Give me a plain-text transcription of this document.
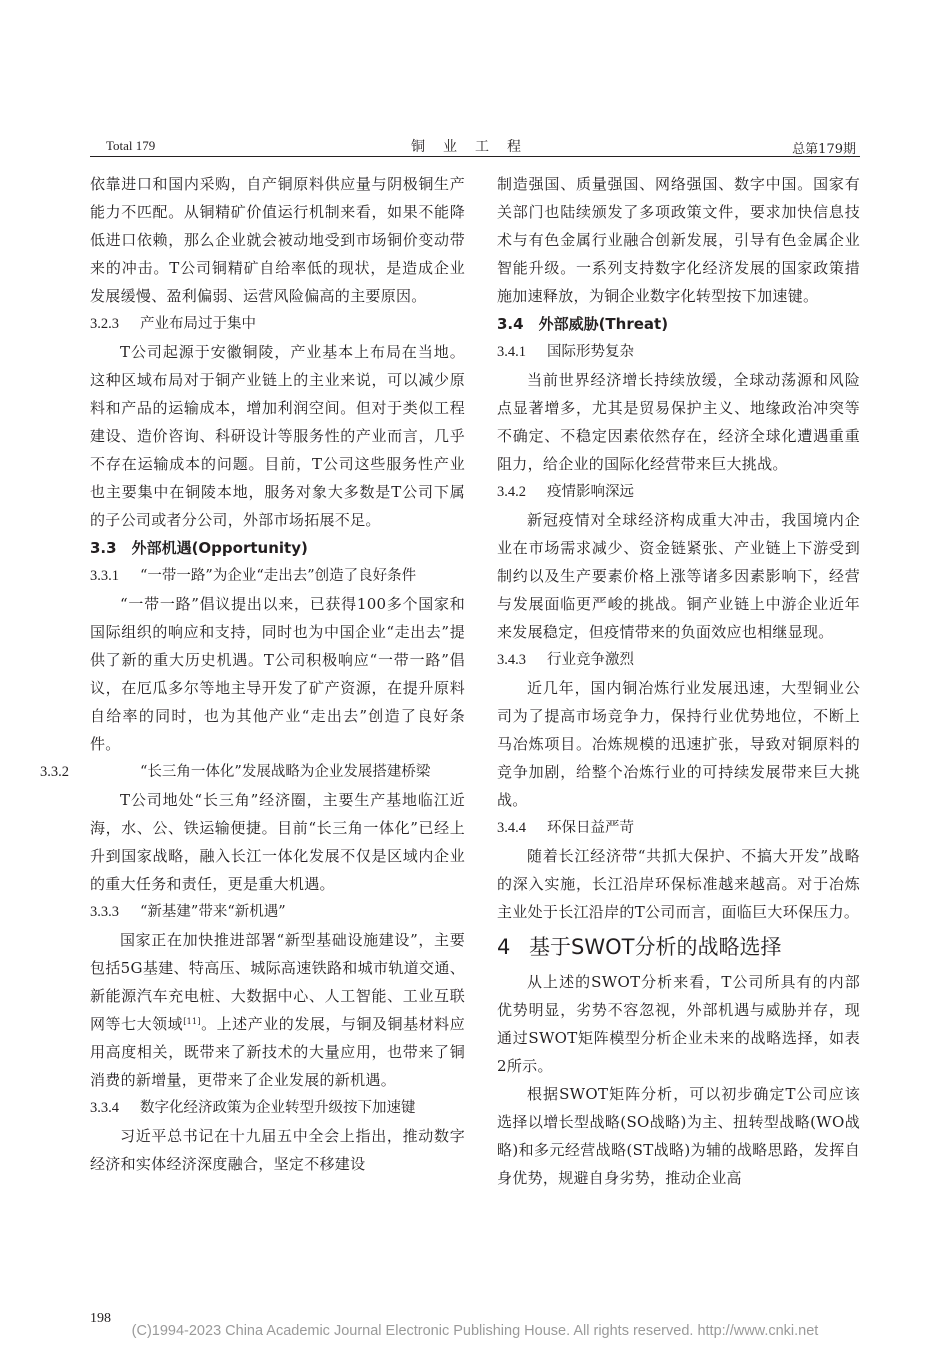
Total 179	铜业工程	总第179期

依靠进口和国内采购，自产铜原料供应量与阴极铜生产能力不匹配。从铜精矿价值运行机制来看，如果不能降低进口依赖，那么企业就会被动地受到市场铜价变动带来的冲击。T公司铜精矿自给率低的现状，是造成企业发展缓慢、盈利偏弱、运营风险偏高的主要原因。

3.2.3 产业布局过于集中

T公司起源于安徽铜陵，产业基本上布局在当地。这种区域布局对于铜产业链上的主业来说，可以减少原料和产品的运输成本，增加利润空间。但对于类似工程建设、造价咨询、科研设计等服务性的产业而言，几乎不存在运输成本的问题。目前，T公司这些服务性产业也主要集中在铜陵本地，服务对象大多数是T公司下属的子公司或者分公司，外部市场拓展不足。

3.3　外部机遇(Opportunity)
3.3.1 “一带一路”为企业“走出去”创造了良好条件

“一带一路”倡议提出以来，已获得100多个国家和国际组织的响应和支持，同时也为中国企业“走出去”提供了新的重大历史机遇。T公司积极响应“一带一路”倡议，在厄瓜多尔等地主导开发了矿产资源，在提升原料自给率的同时，也为其他产业“走出去”创造了良好条件。

3.3.2	“长三角一体化”发展战略为企业发展搭建桥梁

T公司地处“长三角”经济圈，主要生产基地临江近海，水、公、铁运输便捷。目前“长三角一体化”已经上升到国家战略，融入长江一体化发展不仅是区域内企业的重大任务和责任，更是重大机遇。

3.3.3 “新基建”带来“新机遇”

国家正在加快推进部署“新型基础设施建设”，主要包括5G基建、特高压、城际高速铁路和城市轨道交通、新能源汽车充电桩、大数据中心、人工智能、工业互联网等七大领域[11]。上述产业的发展，与铜及铜基材料应用高度相关，既带来了新技术的大量应用，也带来了铜消费的新增量，更带来了企业发展的新机遇。

3.3.4 数字化经济政策为企业转型升级按下加速键

习近平总书记在十九届五中全会上指出，推动数字经济和实体经济深度融合，坚定不移建设

制造强国、质量强国、网络强国、数字中国。国家有关部门也陆续颁发了多项政策文件，要求加快信息技术与有色金属行业融合创新发展，引导有色金属企业智能升级。一系列支持数字化经济发展的国家政策措施加速释放，为铜企业数字化转型按下加速键。

3.4　外部威胁(Threat)
3.4.1 国际形势复杂

当前世界经济增长持续放缓，全球动荡源和风险点显著增多，尤其是贸易保护主义、地缘政治冲突等不确定、不稳定因素依然存在，经济全球化遭遇重重阻力，给企业的国际化经营带来巨大挑战。

3.4.2 疫情影响深远

新冠疫情对全球经济构成重大冲击，我国境内企业在市场需求减少、资金链紧张、产业链上下游受到制约以及生产要素价格上涨等诸多因素影响下，经营与发展面临更严峻的挑战。铜产业链上中游企业近年来发展稳定，但疫情带来的负面效应也相继显现。

3.4.3 行业竞争激烈

近几年，国内铜冶炼行业发展迅速，大型铜业公司为了提高市场竞争力，保持行业优势地位，不断上马冶炼项目。冶炼规模的迅速扩张，导致对铜原料的竞争加剧，给整个冶炼行业的可持续发展带来巨大挑战。

3.4.4 环保日益严苛

随着长江经济带“共抓大保护、不搞大开发”战略的深入实施，长江沿岸环保标准越来越高。对于冶炼主业处于长江沿岸的T公司而言，面临巨大环保压力。

4 基于SWOT分析的战略选择

从上述的SWOT分析来看，T公司所具有的内部优势明显，劣势不容忽视，外部机遇与威胁并存，现通过SWOT矩阵模型分析企业未来的战略选择，如表2所示。

根据SWOT矩阵分析，可以初步确定T公司应该选择以增长型战略(SO战略)为主、扭转型战略(WO战略)和多元经营战略(ST战略)为辅的战略思路，发挥自身优势，规避自身劣势，推动企业高

198
(C)1994-2023 China Academic Journal Electronic Publishing House. All rights reserved. http://www.cnki.net
